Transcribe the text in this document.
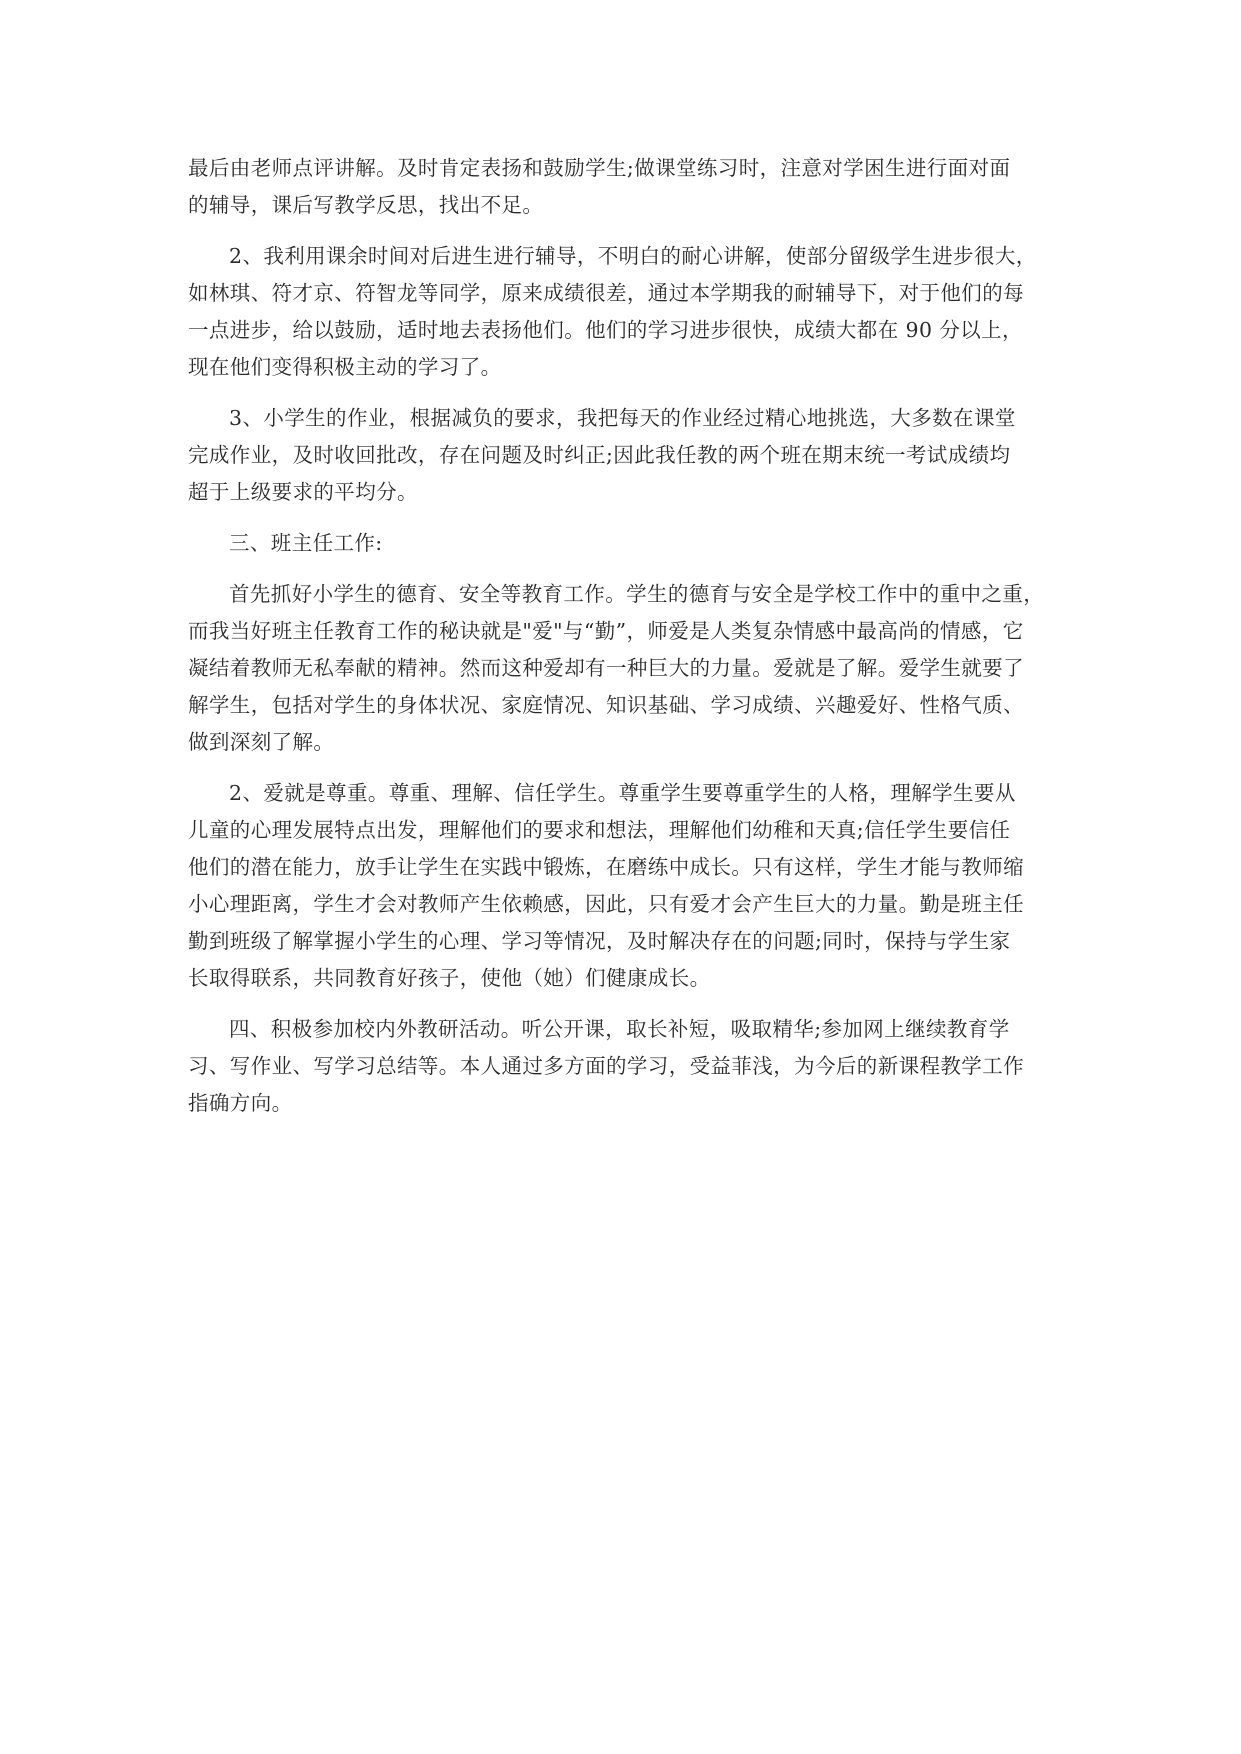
最后由老师点评讲解。及时肯定表扬和鼓励学生;做课堂练习时，注意对学困生进行面对面
的辅导，课后写教学反思，找出不足。

2、我利用课余时间对后进生进行辅导，不明白的耐心讲解，使部分留级学生进步很大，
如林琪、符才京、符智龙等同学，原来成绩很差，通过本学期我的耐辅导下，对于他们的每
一点进步，给以鼓励，适时地去表扬他们。他们的学习进步很快，成绩大都在 90 分以上，
现在他们变得积极主动的学习了。

3、小学生的作业，根据减负的要求，我把每天的作业经过精心地挑选，大多数在课堂
完成作业，及时收回批改，存在问题及时纠正;因此我任教的两个班在期末统一考试成绩均
超于上级要求的平均分。

三、班主任工作:

首先抓好小学生的德育、安全等教育工作。学生的德育与安全是学校工作中的重中之重，
而我当好班主任教育工作的秘诀就是"爱"与“勤”，师爱是人类复杂情感中最高尚的情感，它
凝结着教师无私奉献的精神。然而这种爱却有一种巨大的力量。爱就是了解。爱学生就要了
解学生，包括对学生的身体状况、家庭情况、知识基础、学习成绩、兴趣爱好、性格气质、
做到深刻了解。

2、爱就是尊重。尊重、理解、信任学生。尊重学生要尊重学生的人格，理解学生要从
儿童的心理发展特点出发，理解他们的要求和想法，理解他们幼稚和天真;信任学生要信任
他们的潜在能力，放手让学生在实践中锻炼，在磨练中成长。只有这样，学生才能与教师缩
小心理距离，学生才会对教师产生依赖感，因此，只有爱才会产生巨大的力量。勤是班主任
勤到班级了解掌握小学生的心理、学习等情况，及时解决存在的问题;同时，保持与学生家
长取得联系，共同教育好孩子，使他（她）们健康成长。

四、积极参加校内外教研活动。听公开课，取长补短，吸取精华;参加网上继续教育学
习、写作业、写学习总结等。本人通过多方面的学习，受益菲浅，为今后的新课程教学工作
指确方向。
